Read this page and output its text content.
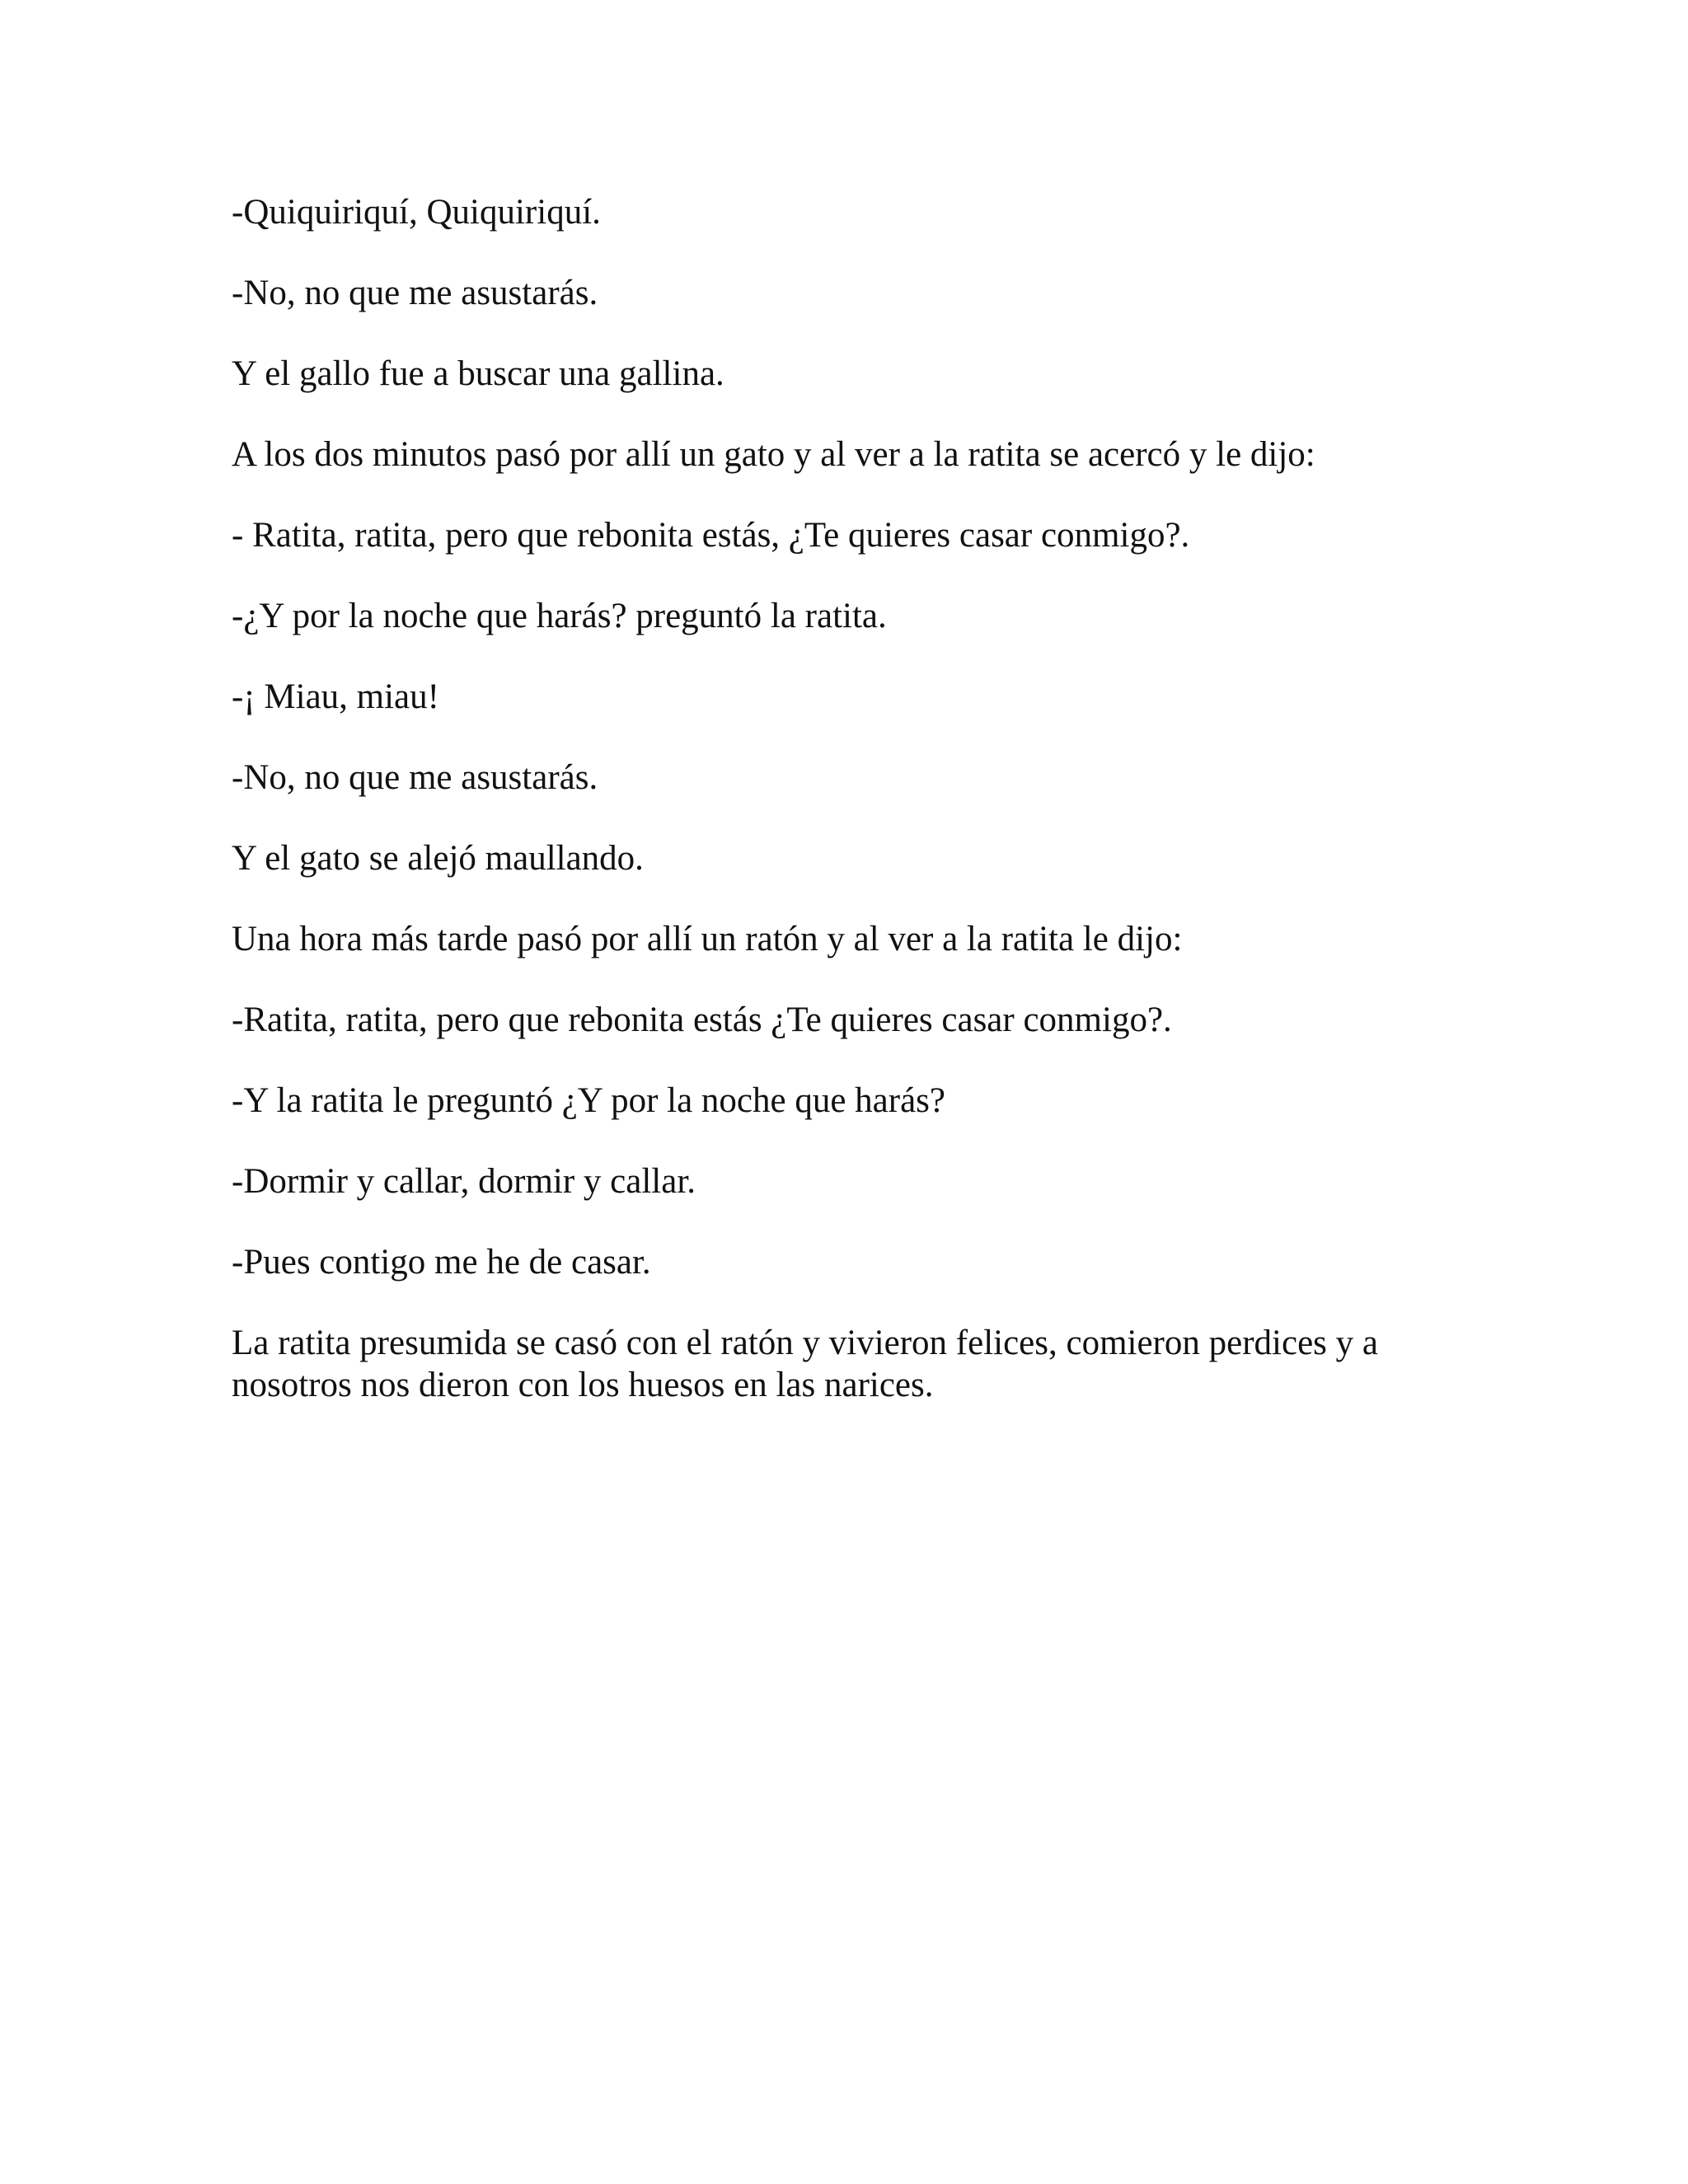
-Quiquiriquí, Quiquiriquí.

-No, no que me asustarás.

Y el gallo fue a buscar una gallina.

A los dos minutos pasó por allí un gato y al ver a la ratita se acercó y le dijo:

- Ratita, ratita, pero que rebonita estás, ¿Te quieres casar conmigo?.

-¿Y por la noche que harás? preguntó la ratita.

-¡ Miau, miau!

-No, no que me asustarás.

Y el gato se alejó maullando.

Una hora más tarde pasó por allí un ratón y al ver a la ratita le dijo:

-Ratita, ratita, pero que rebonita estás ¿Te quieres casar conmigo?.

-Y la ratita le preguntó ¿Y por la noche que harás?

-Dormir y callar, dormir y callar.

-Pues contigo me he de casar.

La ratita presumida se casó con el ratón y vivieron felices, comieron perdices y a nosotros nos dieron con los huesos en las narices.
